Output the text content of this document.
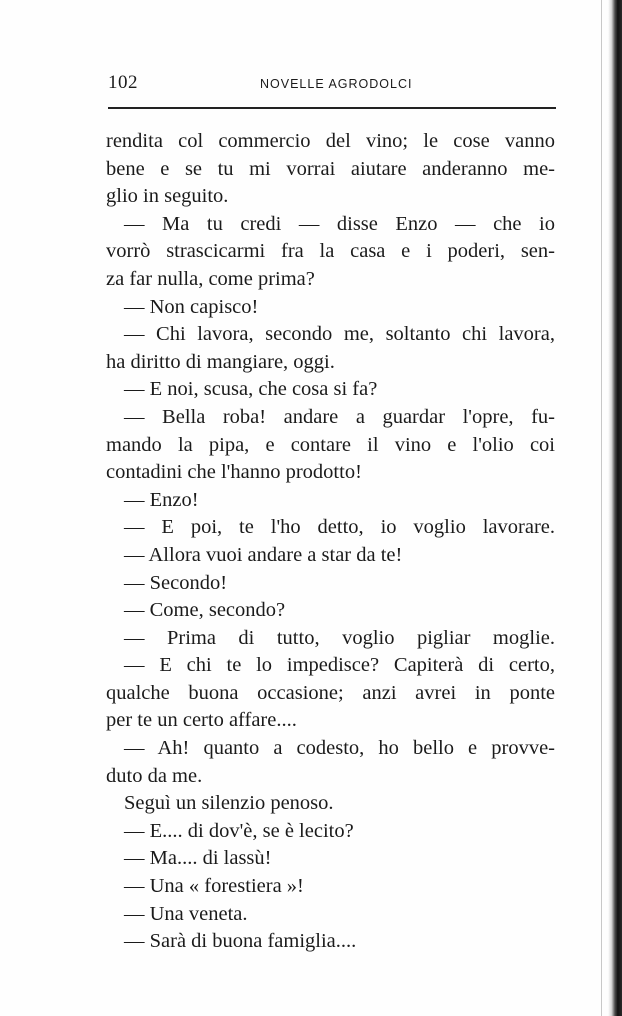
102	NOVELLE AGRODOLCI
rendita col commercio del vino; le cose vanno
bene e se tu mi vorrai aiutare anderanno me-
glio in seguito.
— Ma tu credi — disse Enzo — che io
vorrò strascicarmi fra la casa e i poderi, sen-
za far nulla, come prima?
— Non capisco!
— Chi lavora, secondo me, soltanto chi lavora,
ha diritto di mangiare, oggi.
— E noi, scusa, che cosa si fa?
— Bella roba! andare a guardar l'opre, fu-
mando la pipa, e contare il vino e l'olio coi
contadini che l'hanno prodotto!
— Enzo!
— E poi, te l'ho detto, io voglio lavorare.
— Allora vuoi andare a star da te!
— Secondo!
— Come, secondo?
— Prima di tutto, voglio pigliar moglie.
— E chi te lo impedisce? Capiterà di certo,
qualche buona occasione; anzi avrei in ponte
per te un certo affare....
— Ah! quanto a codesto, ho bello e provve-
duto da me.
Seguì un silenzio penoso.
— E.... di dov'è, se è lecito?
— Ma.... di lassù!
— Una « forestiera »!
— Una veneta.
— Sarà di buona famiglia....
